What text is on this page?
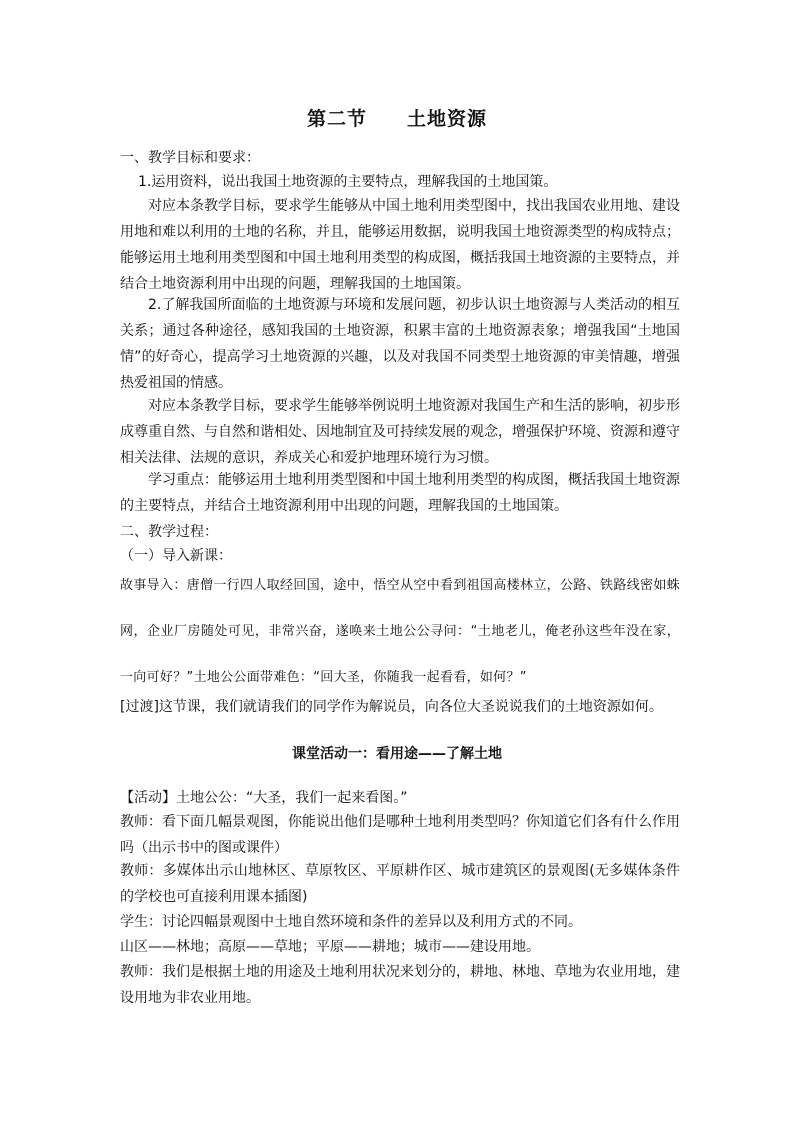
第二节　　土地资源

一、教学目标和要求：

1.运用资料，说出我国土地资源的主要特点，理解我国的土地国策。

对应本条教学目标，要求学生能够从中国土地利用类型图中，找出我国农业用地、建设用地和难以利用的土地的名称，并且，能够运用数据，说明我国土地资源类型的构成特点；能够运用土地利用类型图和中国土地利用类型的构成图，概括我国土地资源的主要特点，并结合土地资源利用中出现的问题，理解我国的土地国策。

2.了解我国所面临的土地资源与环境和发展问题，初步认识土地资源与人类活动的相互关系；通过各种途径，感知我国的土地资源，积累丰富的土地资源表象；增强我国“土地国情”的好奇心，提高学习土地资源的兴趣，以及对我国不同类型土地资源的审美情趣，增强热爱祖国的情感。

对应本条教学目标，要求学生能够举例说明土地资源对我国生产和生活的影响，初步形成尊重自然、与自然和谐相处、因地制宜及可持续发展的观念，增强保护环境、资源和遵守相关法律、法规的意识，养成关心和爱护地理环境行为习惯。

学习重点：能够运用土地利用类型图和中国土地利用类型的构成图，概括我国土地资源的主要特点，并结合土地资源利用中出现的问题，理解我国的土地国策。

二、教学过程：

（一）导入新课：

故事导入：唐僧一行四人取经回国，途中，悟空从空中看到祖国高楼林立，公路、铁路线密如蛛网，企业厂房随处可见，非常兴奋，遂唤来土地公公寻问：“土地老儿，俺老孙这些年没在家，一向可好？”土地公公面带难色：“回大圣，你随我一起看看，如何？”

[过渡]这节课，我们就请我们的同学作为解说员，向各位大圣说说我们的土地资源如何。

课堂活动一：看用途——了解土地

【活动】土地公公：“大圣，我们一起来看图。”

教师：看下面几幅景观图，你能说出他们是哪种土地利用类型吗？你知道它们各有什么作用吗（出示书中的图或课件）

教师：多媒体出示山地林区、草原牧区、平原耕作区、城市建筑区的景观图(无多媒体条件的学校也可直接利用课本插图)

学生：讨论四幅景观图中土地自然环境和条件的差异以及利用方式的不同。

山区——林地；高原——草地；平原——耕地；城市——建设用地。

教师：我们是根据土地的用途及土地利用状况来划分的，耕地、林地、草地为农业用地，建设用地为非农业用地。
